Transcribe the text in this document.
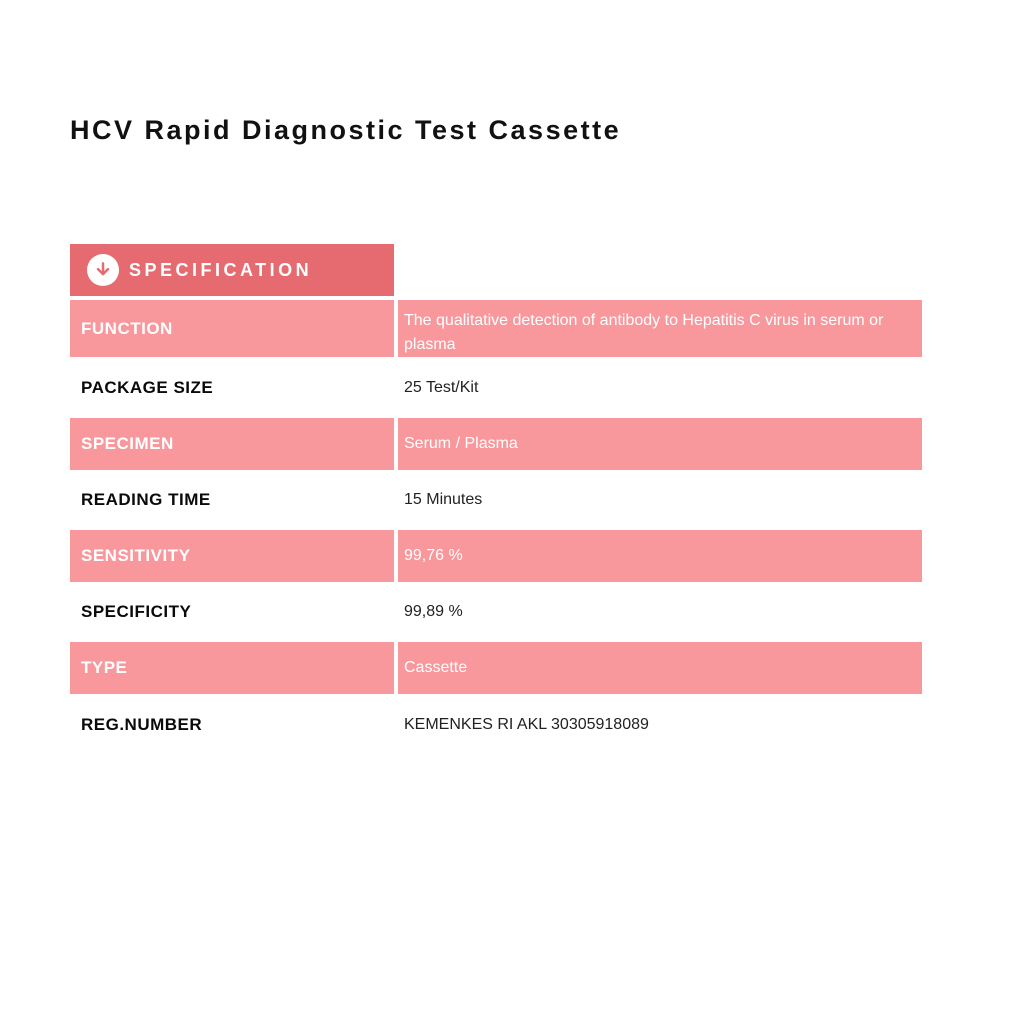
HCV Rapid Diagnostic Test Cassette
SPECIFICATION
FUNCTION	The qualitative detection of antibody to Hepatitis C virus in serum or plasma
PACKAGE SIZE	25 Test/Kit
SPECIMEN	Serum / Plasma
READING TIME	15 Minutes
SENSITIVITY	99,76 %
SPECIFICITY	99,89 %
TYPE	Cassette
REG.NUMBER	KEMENKES RI AKL 30305918089
